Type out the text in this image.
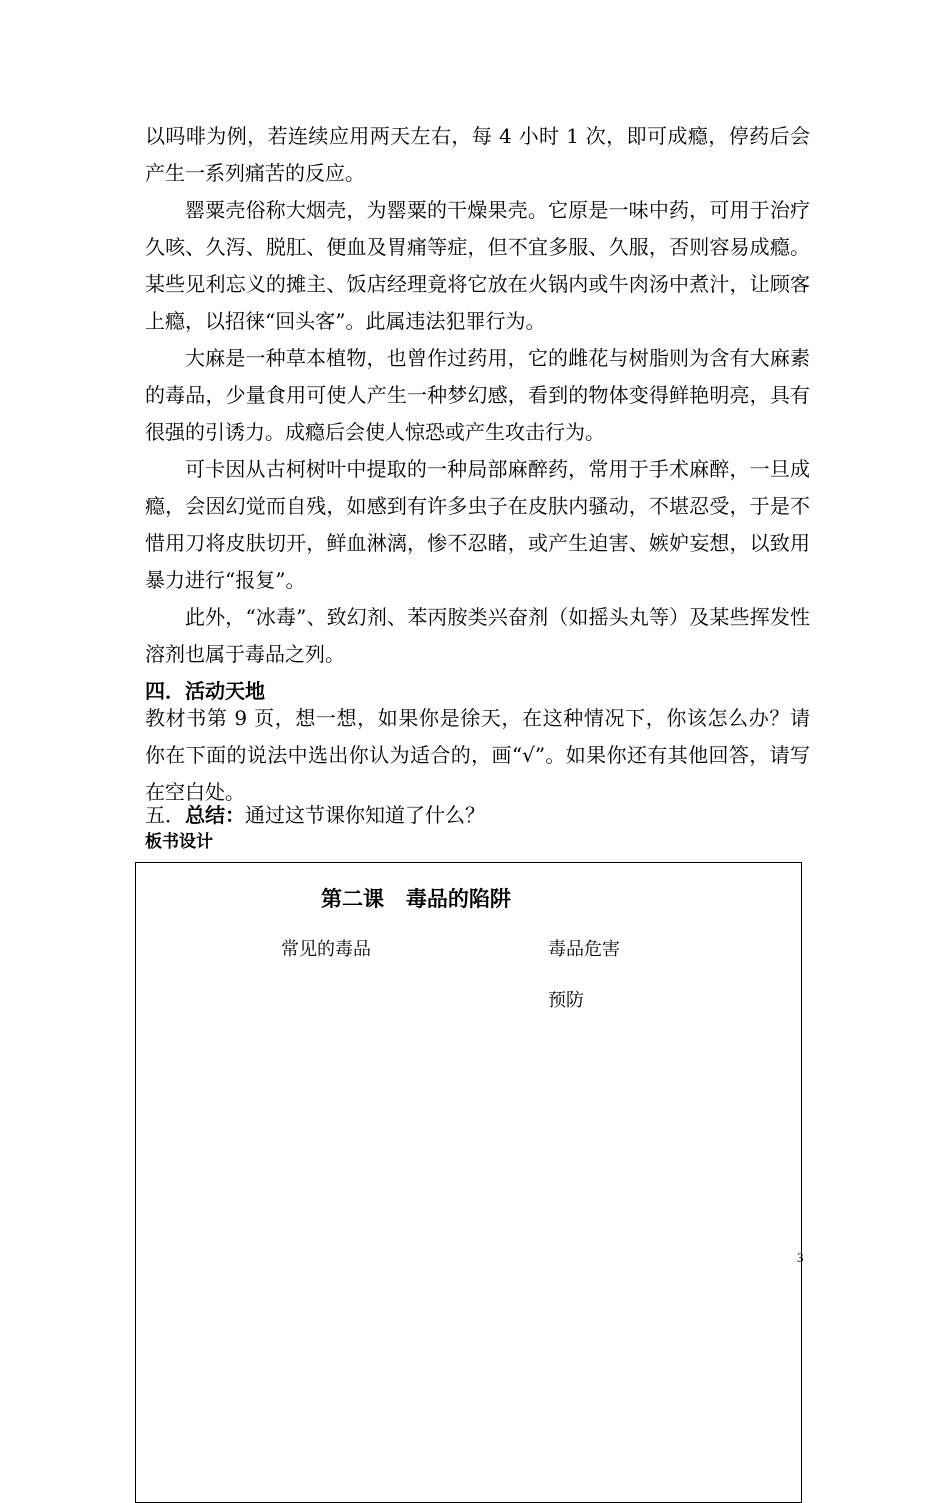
以吗啡为例，若连续应用两天左右，每 4 小时 1 次，即可成瘾，停药后会产生一系列痛苦的反应。

罂粟壳俗称大烟壳，为罂粟的干燥果壳。它原是一味中药，可用于治疗久咳、久泻、脱肛、便血及胃痛等症，但不宜多服、久服，否则容易成瘾。某些见利忘义的摊主、饭店经理竟将它放在火锅内或牛肉汤中煮汁，让顾客上瘾，以招徕“回头客”。此属违法犯罪行为。

大麻是一种草本植物，也曾作过药用，它的雌花与树脂则为含有大麻素的毒品，少量食用可使人产生一种梦幻感，看到的物体变得鲜艳明亮，具有很强的引诱力。成瘾后会使人惊恐或产生攻击行为。

可卡因从古柯树叶中提取的一种局部麻醉药，常用于手术麻醉，一旦成瘾，会因幻觉而自残，如感到有许多虫子在皮肤内骚动，不堪忍受，于是不惜用刀将皮肤切开，鲜血淋漓，惨不忍睹，或产生迫害、嫉妒妄想，以致用暴力进行“报复”。

此外，“冰毒”、致幻剂、苯丙胺类兴奋剂（如摇头丸等）及某些挥发性溶剂也属于毒品之列。

四．活动天地
教材书第 9 页，想一想，如果你是徐天，在这种情况下，你该怎么办？请你在下面的说法中选出你认为适合的，画“√”。如果你还有其他回答，请写在空白处。
五．总结：通过这节课你知道了什么？
板书设计
第二课   毒品的陷阱
常见的毒品	毒品危害
预防
3
